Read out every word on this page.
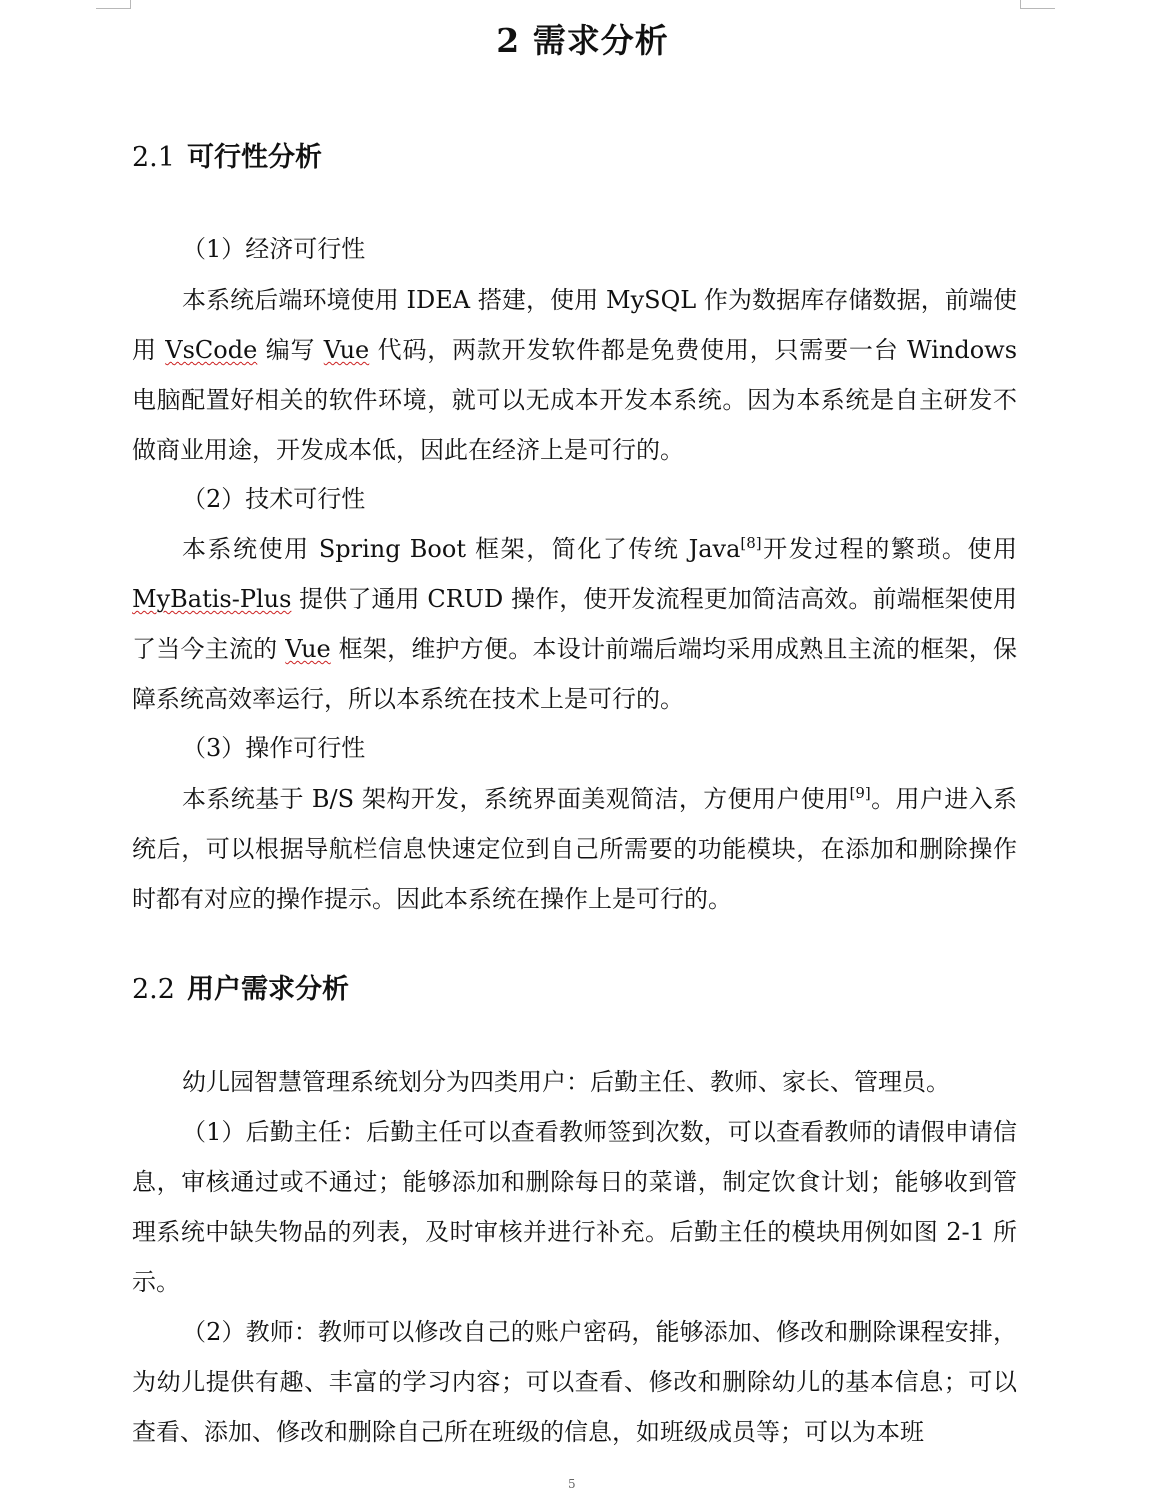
2 需求分析
2.1 可行性分析

（1）经济可行性

本系统后端环境使用 IDEA 搭建，使用 MySQL 作为数据库存储数据，前端使用 VsCode 编写 Vue 代码，两款开发软件都是免费使用，只需要一台 Windows 电脑配置好相关的软件环境，就可以无成本开发本系统。因为本系统是自主研发不做商业用途，开发成本低，因此在经济上是可行的。

（2）技术可行性

本系统使用 Spring Boot 框架，简化了传统 Java[8]开发过程的繁琐。使用 MyBatis-Plus 提供了通用 CRUD 操作，使开发流程更加简洁高效。前端框架使用了当今主流的 Vue 框架，维护方便。本设计前端后端均采用成熟且主流的框架，保障系统高效率运行，所以本系统在技术上是可行的。

（3）操作可行性

本系统基于 B/S 架构开发，系统界面美观简洁，方便用户使用[9]。用户进入系统后，可以根据导航栏信息快速定位到自己所需要的功能模块，在添加和删除操作时都有对应的操作提示。因此本系统在操作上是可行的。

2.2 用户需求分析

幼儿园智慧管理系统划分为四类用户：后勤主任、教师、家长、管理员。

（1）后勤主任：后勤主任可以查看教师签到次数，可以查看教师的请假申请信息，审核通过或不通过；能够添加和删除每日的菜谱，制定饮食计划；能够收到管理系统中缺失物品的列表，及时审核并进行补充。后勤主任的模块用例如图 2-1 所示。

（2）教师：教师可以修改自己的账户密码，能够添加、修改和删除课程安排，为幼儿提供有趣、丰富的学习内容；可以查看、修改和删除幼儿的基本信息；可以查看、添加、修改和删除自己所在班级的信息，如班级成员等；可以为本班

5
